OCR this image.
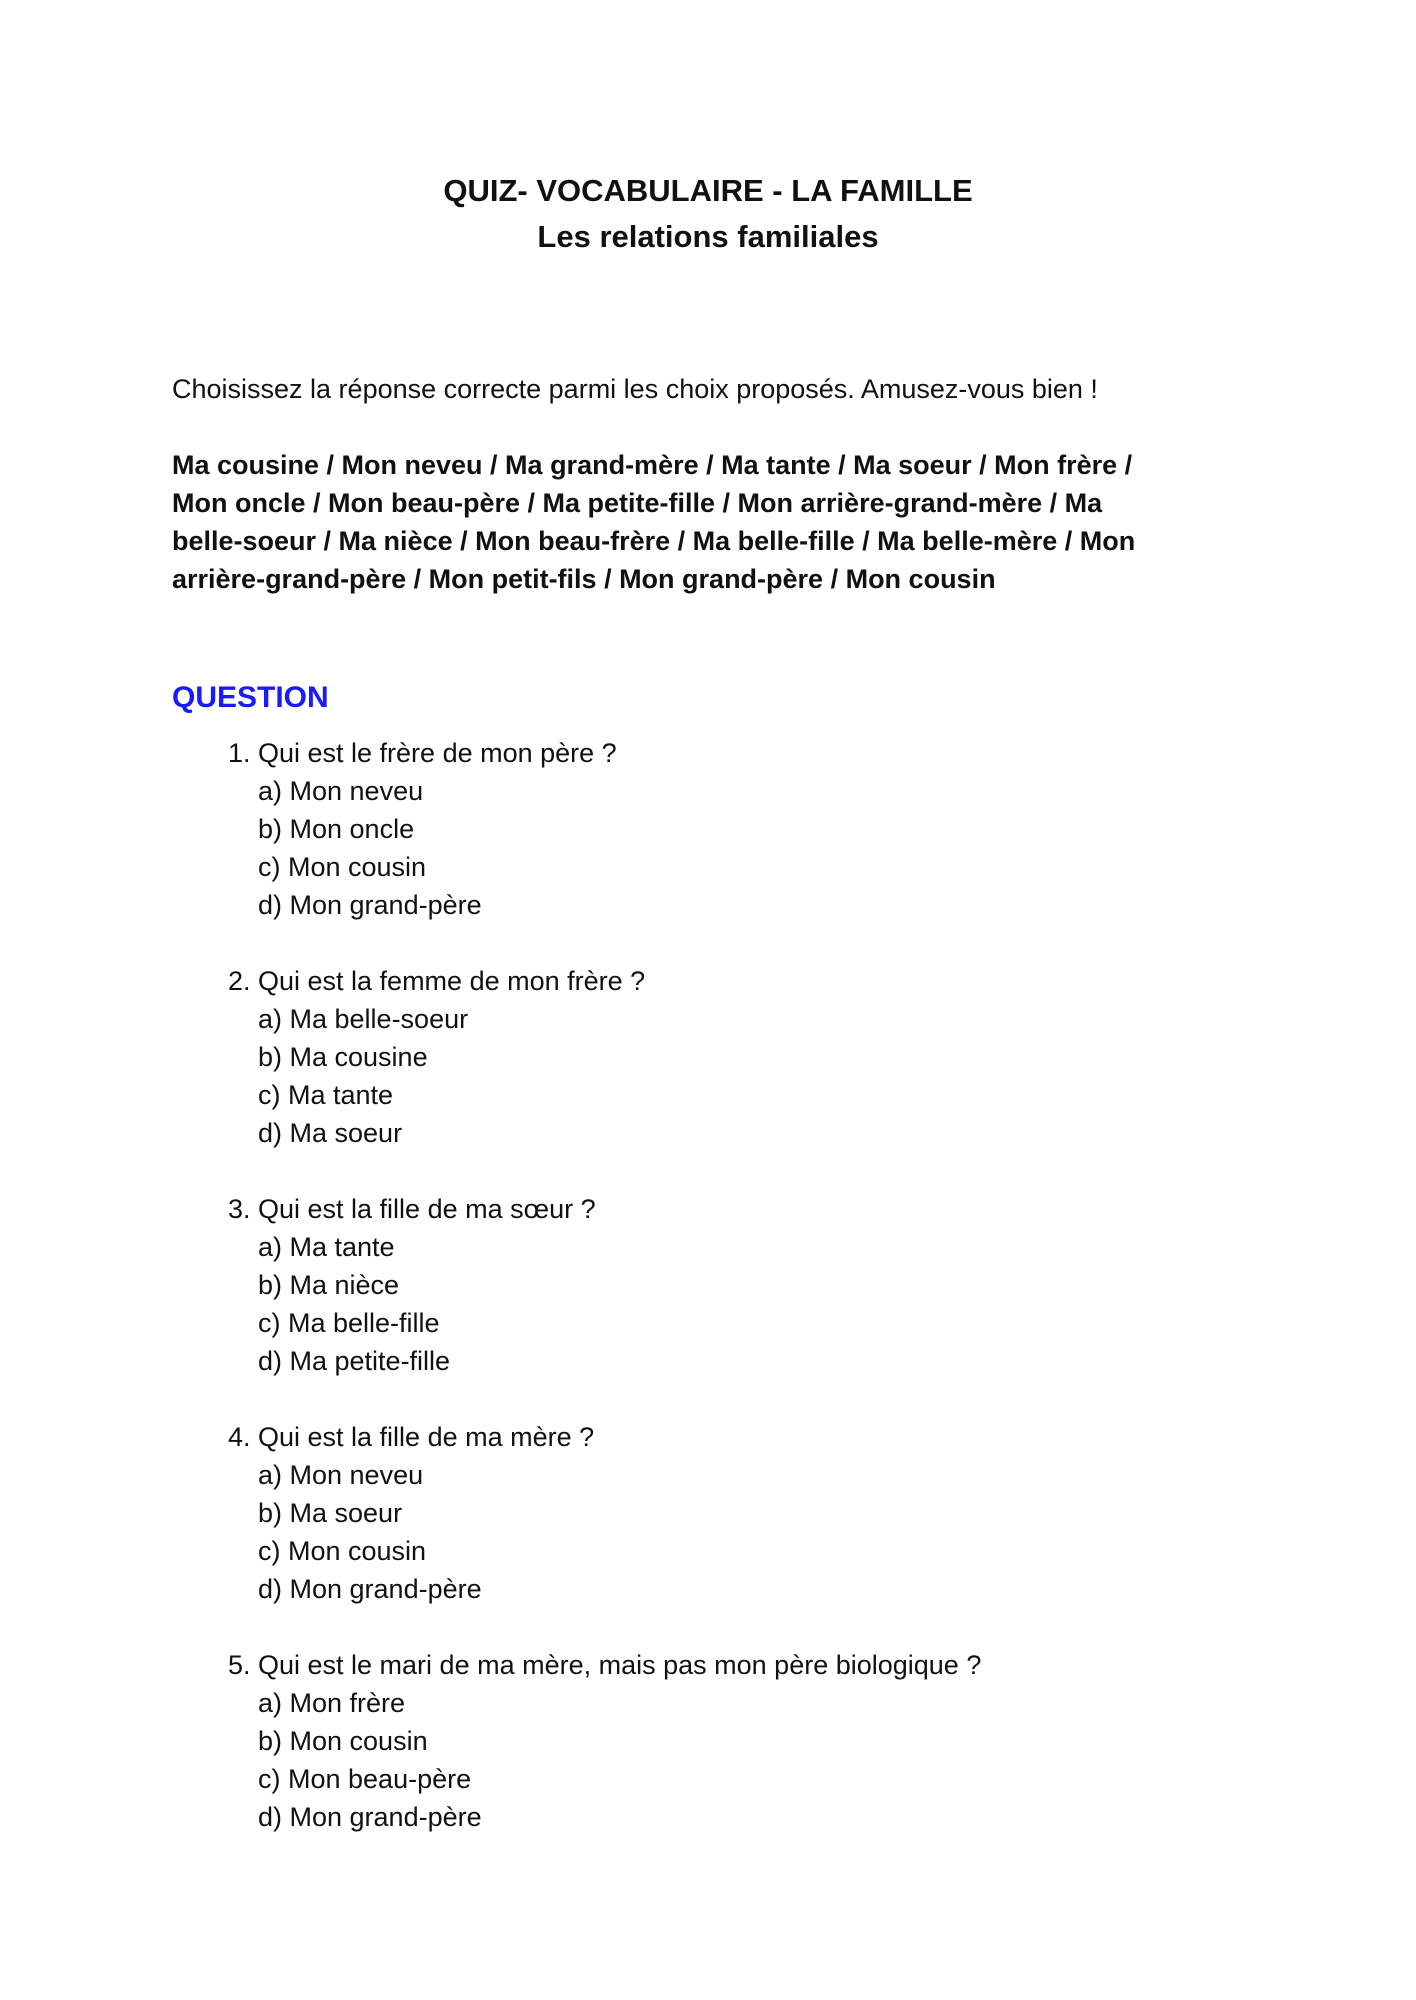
QUIZ- VOCABULAIRE - LA FAMILLE
Les relations familiales
Choisissez la réponse correcte parmi les choix proposés. Amusez-vous bien !
Ma cousine / Mon neveu / Ma grand-mère / Ma tante / Ma soeur / Mon frère /
Mon oncle / Mon beau-père / Ma petite-fille / Mon arrière-grand-mère / Ma
belle-soeur / Ma nièce / Mon beau-frère / Ma belle-fille / Ma belle-mère / Mon
arrière-grand-père / Mon petit-fils / Mon grand-père / Mon cousin
QUESTION
1. Qui est le frère de mon père ?
a) Mon neveu
b) Mon oncle
c) Mon cousin
d) Mon grand-père
2. Qui est la femme de mon frère ?
a) Ma belle-soeur
b) Ma cousine
c) Ma tante
d) Ma soeur
3. Qui est la fille de ma sœur ?
a) Ma tante
b) Ma nièce
c) Ma belle-fille
d) Ma petite-fille
4. Qui est la fille de ma mère ?
a) Mon neveu
b) Ma soeur
c) Mon cousin
d) Mon grand-père
5. Qui est le mari de ma mère, mais pas mon père biologique ?
a) Mon frère
b) Mon cousin
c) Mon beau-père
d) Mon grand-père
